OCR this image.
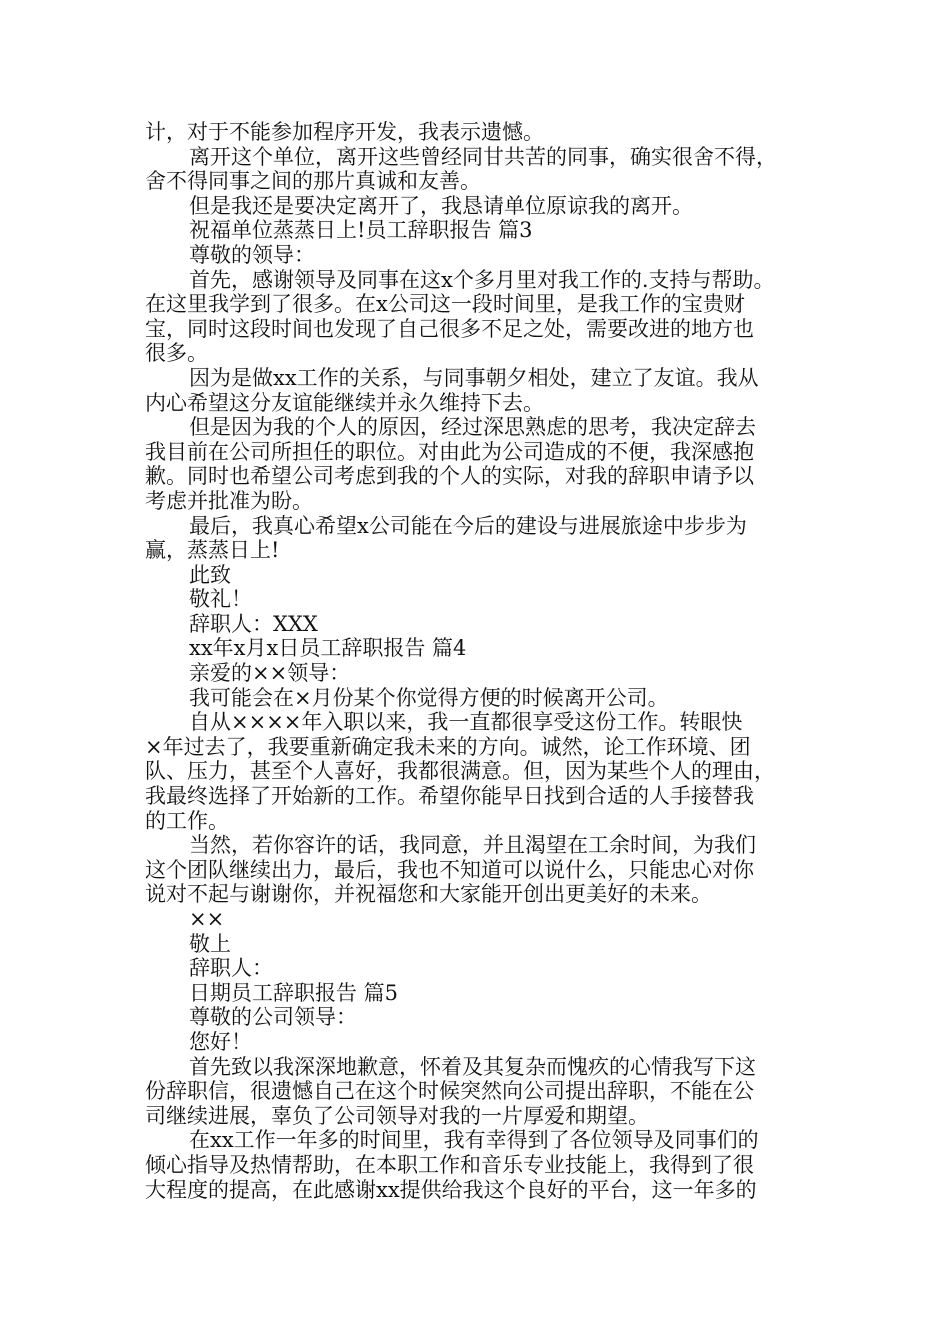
计，对于不能参加程序开发，我表示遗憾。
离开这个单位，离开这些曾经同甘共苦的同事，确实很舍不得，
舍不得同事之间的那片真诚和友善。
但是我还是要决定离开了，我恳请单位原谅我的离开。
祝福单位蒸蒸日上!员工辞职报告 篇3
尊敬的领导：
首先，感谢领导及同事在这x个多月里对我工作的.支持与帮助。
在这里我学到了很多。在x公司这一段时间里，是我工作的宝贵财
宝，同时这段时间也发现了自己很多不足之处，需要改进的地方也
很多。
因为是做xx工作的关系，与同事朝夕相处，建立了友谊。我从
内心希望这分友谊能继续并永久维持下去。
但是因为我的个人的原因，经过深思熟虑的思考，我决定辞去
我目前在公司所担任的职位。对由此为公司造成的不便，我深感抱
歉。同时也希望公司考虑到我的个人的实际，对我的辞职申请予以
考虑并批准为盼。
最后，我真心希望x公司能在今后的建设与进展旅途中步步为
赢，蒸蒸日上!
此致
敬礼！
辞职人：XXX
xx年x月x日员工辞职报告 篇4
亲爱的××领导：
我可能会在×月份某个你觉得方便的时候离开公司。
自从××××年入职以来，我一直都很享受这份工作。转眼快
×年过去了，我要重新确定我未来的方向。诚然，论工作环境、团
队、压力，甚至个人喜好，我都很满意。但，因为某些个人的理由，
我最终选择了开始新的工作。希望你能早日找到合适的人手接替我
的工作。
当然，若你容许的话，我同意，并且渴望在工余时间，为我们
这个团队继续出力，最后，我也不知道可以说什么，只能忠心对你
说对不起与谢谢你，并祝福您和大家能开创出更美好的未来。
××
敬上
辞职人：
日期员工辞职报告 篇5
尊敬的公司领导：
您好！
首先致以我深深地歉意，怀着及其复杂而愧疚的心情我写下这
份辞职信，很遗憾自己在这个时候突然向公司提出辞职，不能在公
司继续进展，辜负了公司领导对我的一片厚爱和期望。
在xx工作一年多的时间里，我有幸得到了各位领导及同事们的
倾心指导及热情帮助，在本职工作和音乐专业技能上，我得到了很
大程度的提高，在此感谢xx提供给我这个良好的平台，这一年多的
